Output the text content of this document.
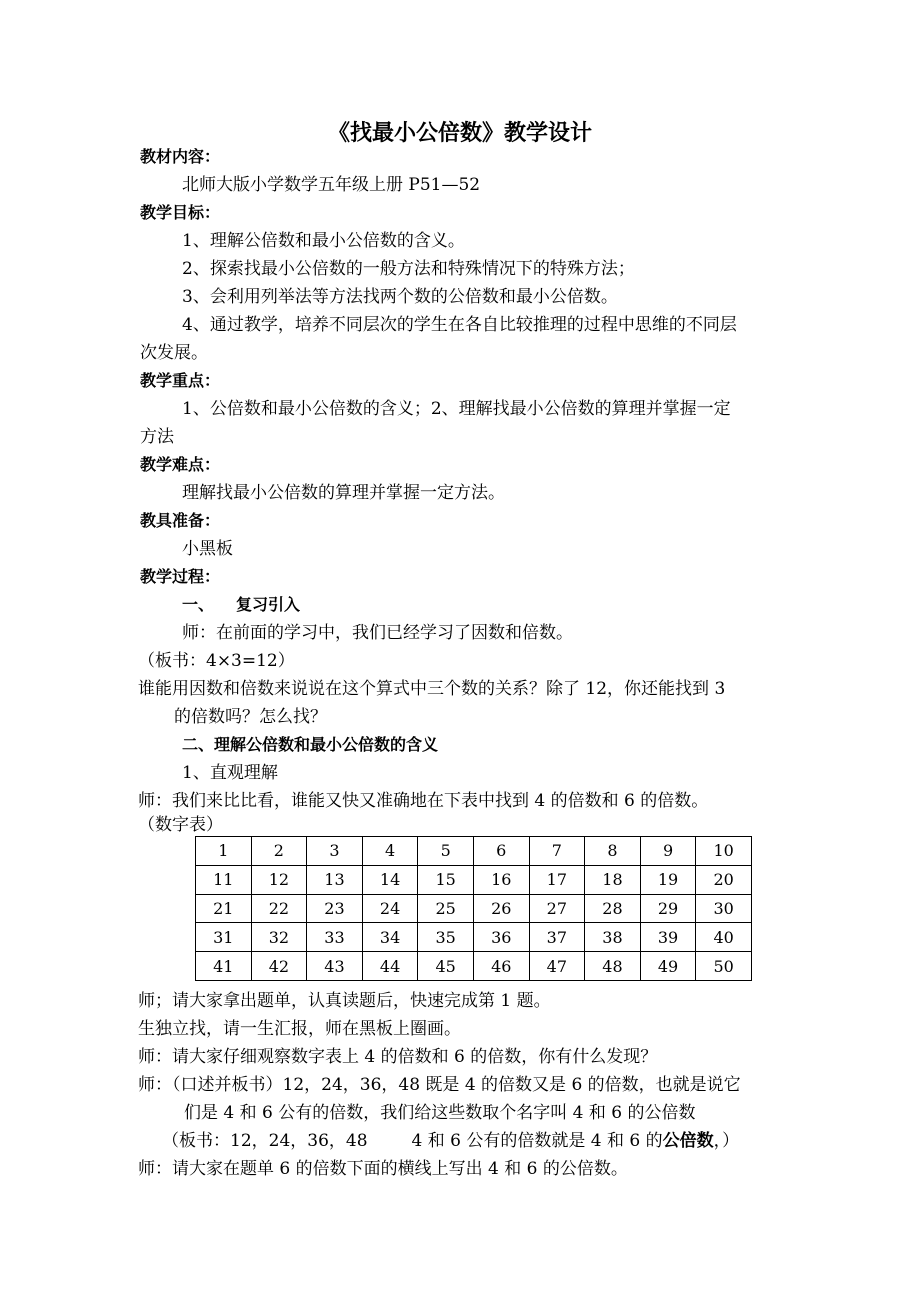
《找最小公倍数》教学设计
教材内容：
北师大版小学数学五年级上册 P51—52
教学目标：
1、理解公倍数和最小公倍数的含义。
2、探索找最小公倍数的一般方法和特殊情况下的特殊方法；
3、会利用列举法等方法找两个数的公倍数和最小公倍数。
4、通过教学，培养不同层次的学生在各自比较推理的过程中思维的不同层
次发展。
教学重点：
1、公倍数和最小公倍数的含义；2、理解找最小公倍数的算理并掌握一定
方法
教学难点：
理解找最小公倍数的算理并掌握一定方法。
教具准备：
小黑板
教学过程：
一、 复习引入
师：在前面的学习中，我们已经学习了因数和倍数。
（板书：4×3=12）
谁能用因数和倍数来说说在这个算式中三个数的关系？除了 12，你还能找到 3
的倍数吗？怎么找？
二、理解公倍数和最小公倍数的含义
1、直观理解
师：我们来比比看，谁能又快又准确地在下表中找到 4 的倍数和 6 的倍数。
（数字表）
1	2	3	4	5	6	7	8	9	10
11	12	13	14	15	16	17	18	19	20
21	22	23	24	25	26	27	28	29	30
31	32	33	34	35	36	37	38	39	40
41	42	43	44	45	46	47	48	49	50
师；请大家拿出题单，认真读题后，快速完成第 1 题。
生独立找，请一生汇报，师在黑板上圈画。
师：请大家仔细观察数字表上 4 的倍数和 6 的倍数，你有什么发现？
师：（口述并板书）12，24，36，48 既是 4 的倍数又是 6 的倍数，也就是说它
们是 4 和 6 公有的倍数，我们给这些数取个名字叫 4 和 6 的公倍数
（板书：12，24，36，48	4 和 6 公有的倍数就是 4 和 6 的公倍数，）
师：请大家在题单 6 的倍数下面的横线上写出 4 和 6 的公倍数。
